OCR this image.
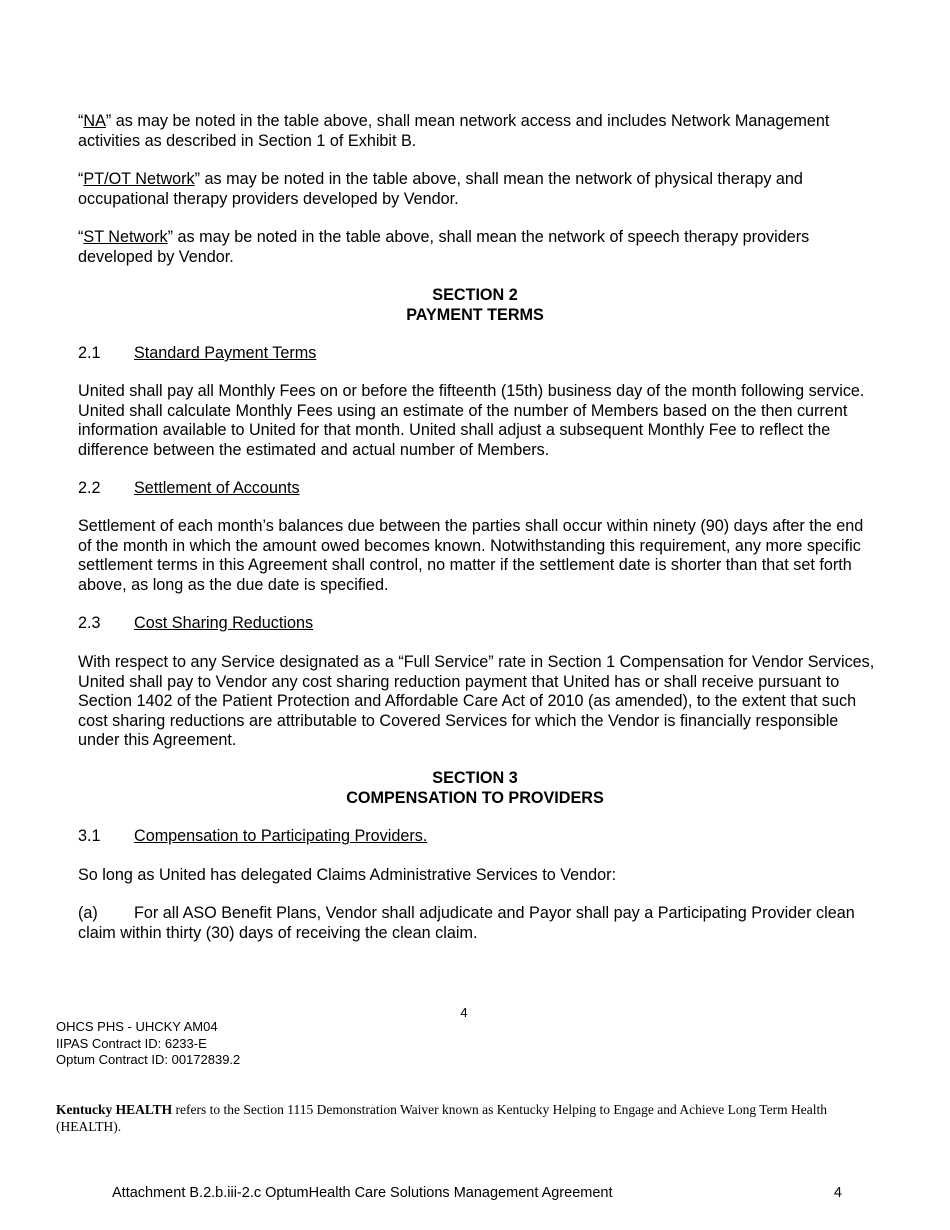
“NA” as may be noted in the table above, shall mean network access and includes Network Management activities as described in Section 1 of Exhibit B.

“PT/OT Network” as may be noted in the table above, shall mean the network of physical therapy and occupational therapy providers developed by Vendor.

“ST Network” as may be noted in the table above, shall mean the network of speech therapy providers developed by Vendor.

SECTION 2
PAYMENT TERMS

2.1 Standard Payment Terms

United shall pay all Monthly Fees on or before the fifteenth (15th) business day of the month following service. United shall calculate Monthly Fees using an estimate of the number of Members based on the then current information available to United for that month. United shall adjust a subsequent Monthly Fee to reflect the difference between the estimated and actual number of Members.

2.2 Settlement of Accounts

Settlement of each month’s balances due between the parties shall occur within ninety (90) days after the end of the month in which the amount owed becomes known. Notwithstanding this requirement, any more specific settlement terms in this Agreement shall control, no matter if the settlement date is shorter than that set forth above, as long as the due date is specified.

2.3 Cost Sharing Reductions

With respect to any Service designated as a “Full Service” rate in Section 1 Compensation for Vendor Services, United shall pay to Vendor any cost sharing reduction payment that United has or shall receive pursuant to Section 1402 of the Patient Protection and Affordable Care Act of 2010 (as amended), to the extent that such cost sharing reductions are attributable to Covered Services for which the Vendor is financially responsible under this Agreement.

SECTION 3
COMPENSATION TO PROVIDERS

3.1 Compensation to Participating Providers.

So long as United has delegated Claims Administrative Services to Vendor:

(a) For all ASO Benefit Plans, Vendor shall adjudicate and Payor shall pay a Participating Provider clean claim within thirty (30) days of receiving the clean claim.

4
OHCS PHS - UHCKY AM04
IIPAS Contract ID: 6233-E
Optum Contract ID: 00172839.2
Kentucky HEALTH refers to the Section 1115 Demonstration Waiver known as Kentucky Helping to Engage and Achieve Long Term Health (HEALTH).
Attachment B.2.b.iii-2.c OptumHealth Care Solutions Management Agreement	4
